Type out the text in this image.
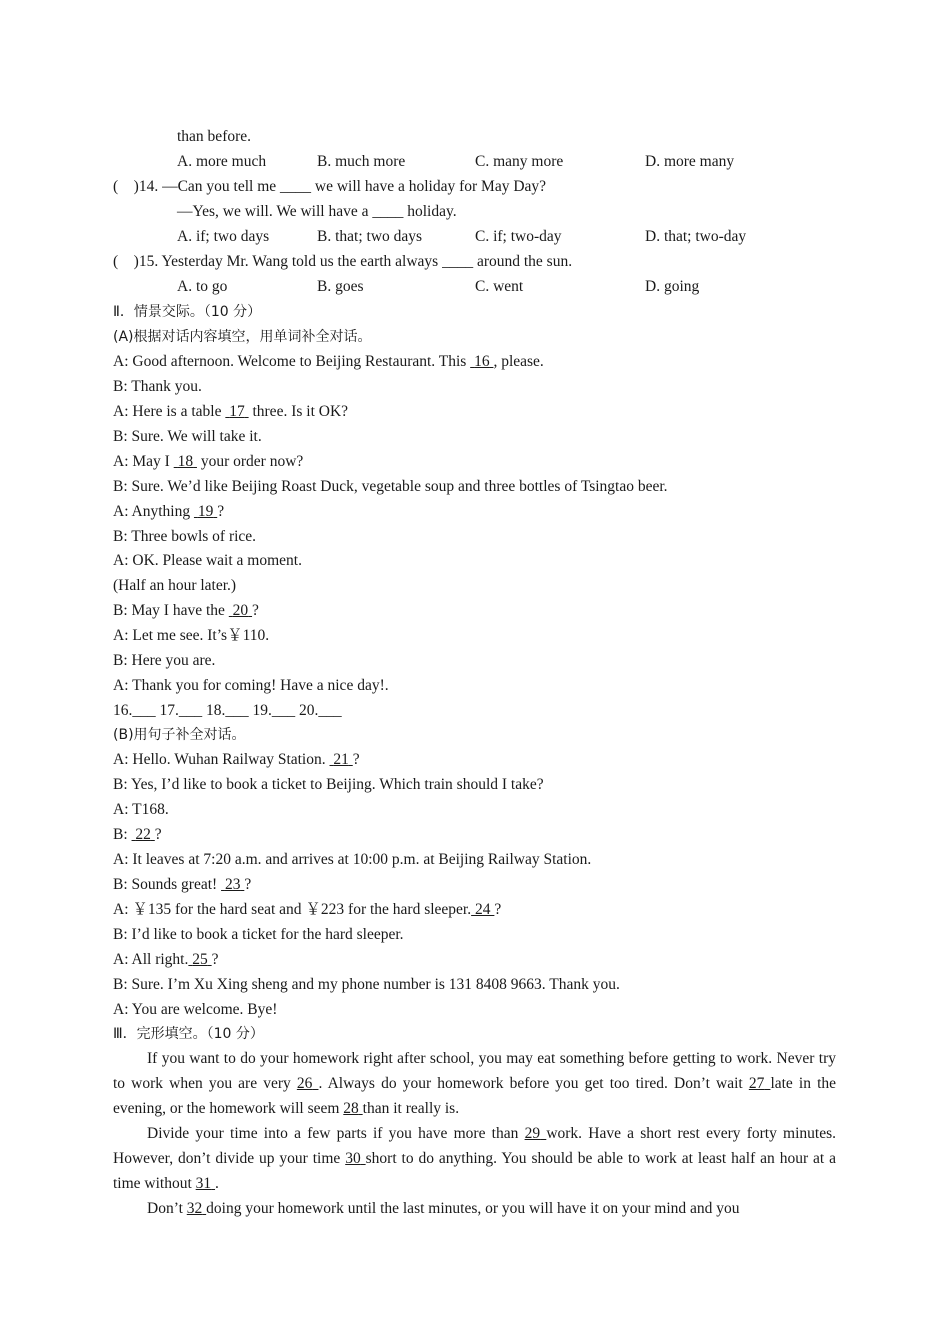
than before.
A. more much	B. much more	C. many more	D. more many
(    )14. —Can you tell me ____ we will have a holiday for May Day?
—Yes, we will. We will have a ____ holiday.
A. if; two days	B. that; two days	C. if; two-day	D. that; two-day
(    )15. Yesterday Mr. Wang told us the earth always ____ around the sun.
A. to go	B. goes	C. went	D. going
Ⅱ．情景交际。（10 分）
(A)根据对话内容填空，用单词补全对话。
A: Good afternoon. Welcome to Beijing Restaurant. This  16 , please.
B: Thank you.
A: Here is a table  17  three. Is it OK?
B: Sure. We will take it.
A: May I  18  your order now?
B: Sure. We’d like Beijing Roast Duck, vegetable soup and three bottles of Tsingtao beer.
A: Anything  19 ?
B: Three bowls of rice.
A: OK. Please wait a moment.
(Half an hour later.)
B: May I have the  20 ?
A: Let me see. It’s￥110.
B: Here you are.
A: Thank you for coming! Have a nice day!.
16.___ 17.___ 18.___ 19.___ 20.___
(B)用句子补全对话。
A: Hello. Wuhan Railway Station.  21 ?
B: Yes, I’d like to book a ticket to Beijing. Which train should I take?
A: T168.
B:  22 ?
A: It leaves at 7:20 a.m. and arrives at 10:00 p.m. at Beijing Railway Station.
B: Sounds great!  23 ?
A: ￥135 for the hard seat and ￥223 for the hard sleeper. 24 ?
B: I’d like to book a ticket for the hard sleeper.
A: All right. 25 ?
B: Sure. I’m Xu Xing sheng and my phone number is 131 8408 9663. Thank you.
A: You are welcome. Bye!
Ⅲ．完形填空。（10 分）
If you want to do your homework right after school, you may eat something before getting to work. Never try to work when you are very 26 . Always do your homework before you get too tired. Don’t wait 27 late in the evening, or the homework will seem 28 than it really is.
Divide your time into a few parts if you have more than 29 work. Have a short rest every forty minutes. However, don’t divide up your time 30 short to do anything. You should be able to work at least half an hour at a time without 31 .
Don’t 32 doing your homework until the last minutes, or you will have it on your mind and you
